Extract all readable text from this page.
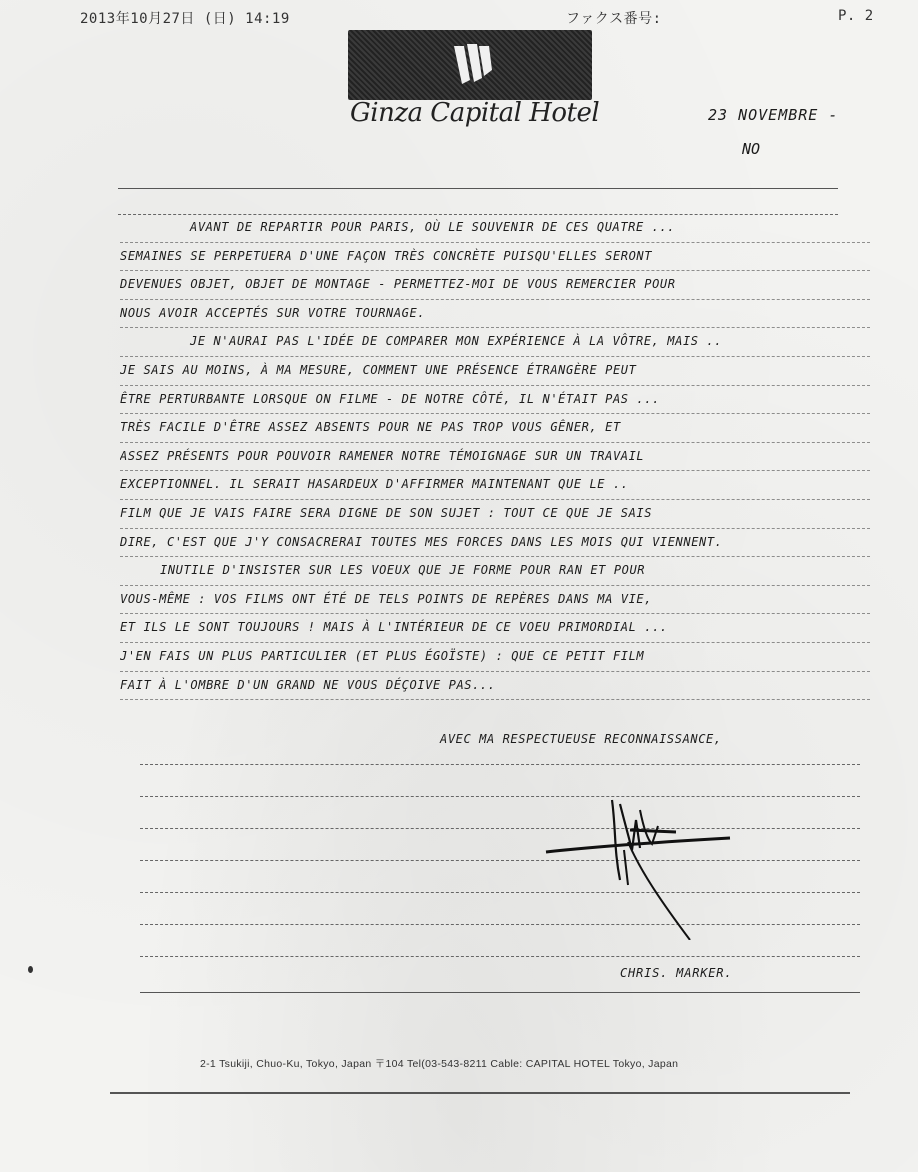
2013年10月27日 (日) 14:19	ファクス番号:	P. 2
Ginza Capital Hotel	23 NOVEMBRE -
NO
AVANT DE REPARTIR POUR PARIS, OÙ LE SOUVENIR DE CES QUATRE ...
SEMAINES SE PERPETUERA D'UNE FAÇON TRÈS CONCRÈTE PUISQU'ELLES SERONT
DEVENUES OBJET, OBJET DE MONTAGE - PERMETTEZ-MOI DE VOUS REMERCIER POUR
NOUS AVOIR ACCEPTÉS SUR VOTRE TOURNAGE.
JE N'AURAI PAS L'IDÉE DE COMPARER MON EXPÉRIENCE À LA VÔTRE, MAIS ..
JE SAIS AU MOINS, À MA MESURE, COMMENT UNE PRÉSENCE ÉTRANGÈRE PEUT
ÊTRE PERTURBANTE LORSQUE ON FILME - DE NOTRE CÔTÉ, IL N'ÉTAIT PAS ...
TRÈS FACILE D'ÊTRE ASSEZ ABSENTS POUR NE PAS TROP VOUS GÊNER, ET
ASSEZ PRÉSENTS POUR POUVOIR RAMENER NOTRE TÉMOIGNAGE SUR UN TRAVAIL
EXCEPTIONNEL. IL SERAIT HASARDEUX D'AFFIRMER MAINTENANT QUE LE ..
FILM QUE JE VAIS FAIRE SERA DIGNE DE SON SUJET : TOUT CE QUE JE SAIS
DIRE, C'EST QUE J'Y CONSACRERAI TOUTES MES FORCES DANS LES MOIS QUI VIENNENT.
INUTILE D'INSISTER SUR LES VOEUX QUE JE FORME POUR RAN ET POUR
VOUS-MÊME : VOS FILMS ONT ÉTÉ DE TELS POINTS DE REPÈRES DANS MA VIE,
ET ILS LE SONT TOUJOURS ! MAIS À L'INTÉRIEUR DE CE VOEU PRIMORDIAL ...
J'EN FAIS UN PLUS PARTICULIER (ET PLUS ÉGOÏSTE) : QUE CE PETIT FILM
FAIT À L'OMBRE D'UN GRAND NE VOUS DÉÇOIVE PAS...
AVEC MA RESPECTUEUSE RECONNAISSANCE,
CHRIS. MARKER.
2-1 Tsukiji, Chuo-Ku, Tokyo, Japan 〒104 Tel(03-543-8211 Cable: CAPITAL HOTEL Tokyo, Japan
